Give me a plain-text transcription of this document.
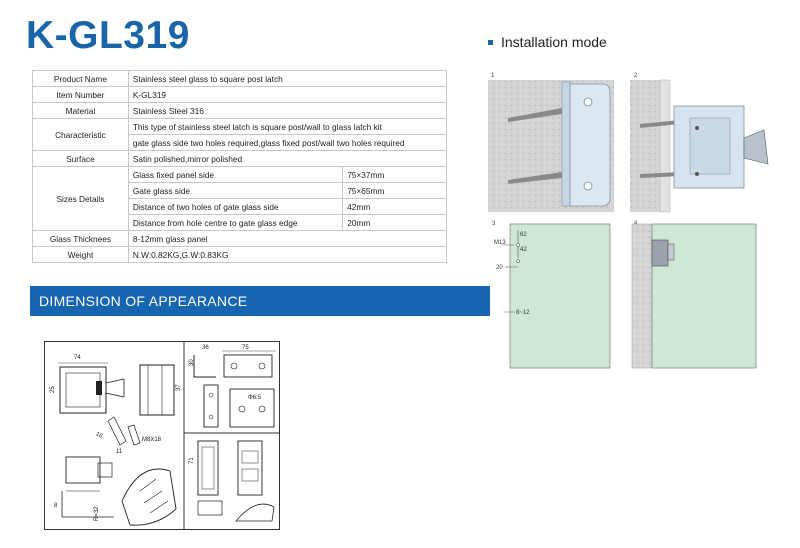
K-GL319
Product Name	Stainless steel glass to square post latch	
Item Number	K-GL319	
Material	Stainless Steel 316	
Characteristic	This type of stainless steel latch is square post/wall to glass latch kit	
	gate glass side two holes required,glass fixed post/wall two holes required	
Surface	Satin polished,mirror polished	
Sizes Details	Glass fixed panel side	75×37mm
	Gate glass side	75×65mm
	Distance of two holes of gate glass side	42mm
	Distance from hole centre to gate glass edge	20mm
Glass Thicknees	8-12mm glass panel	
Weight	N.W:0.82KG,G.W:0.83KG	
Installation mode
1	2
3
62
42
M13
20
8~12
DIMENSION OF APPEARANCE
74
25	37
16
11
M8X18
8
R=32
36	75
30
Φ6.5
71
